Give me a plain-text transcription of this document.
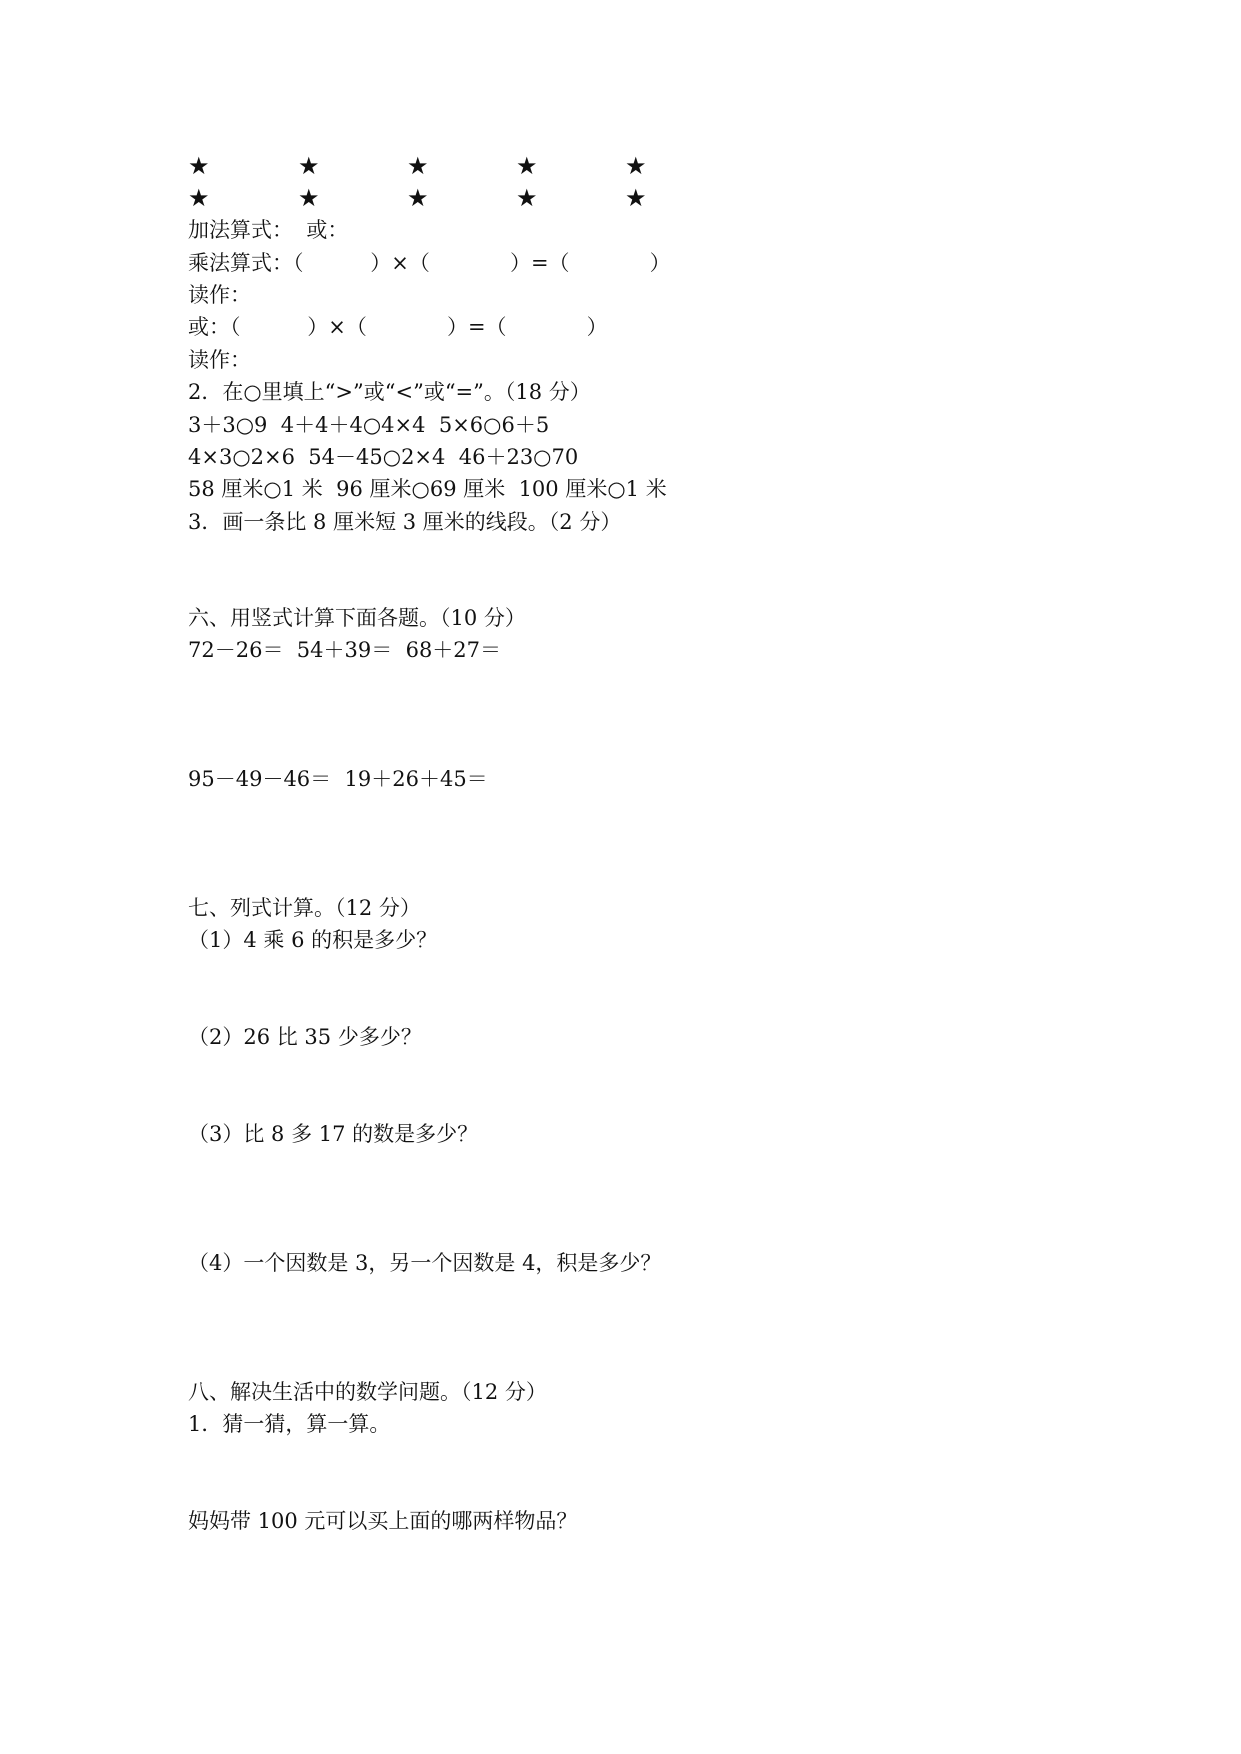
★	★	★	★	★
★	★	★	★	★

加法算式：  或：

乘法算式：（          ）×（            ）=（            ）

读作：

或：（          ）×（            ）=（            ）

读作：

2．在○里填上“>”或“<”或“=”。（18 分）

3＋3○9  4＋4＋4○4×4  5×6○6＋5

4×3○2×6  54－45○2×4  46＋23○70

58 厘米○1 米  96 厘米○69 厘米  100 厘米○1 米

3．画一条比 8 厘米短 3 厘米的线段。（2 分）

六、用竖式计算下面各题。（10 分）

72－26＝  54＋39＝  68＋27＝

95－49－46＝  19＋26＋45＝

七、列式计算。（12 分）

（1）4 乘 6 的积是多少？

（2）26 比 35 少多少？

（3）比 8 多 17 的数是多少？

（4）一个因数是 3，另一个因数是 4，积是多少？

八、解决生活中的数学问题。（12 分）

1．猜一猜，算一算。

妈妈带 100 元可以买上面的哪两样物品？
